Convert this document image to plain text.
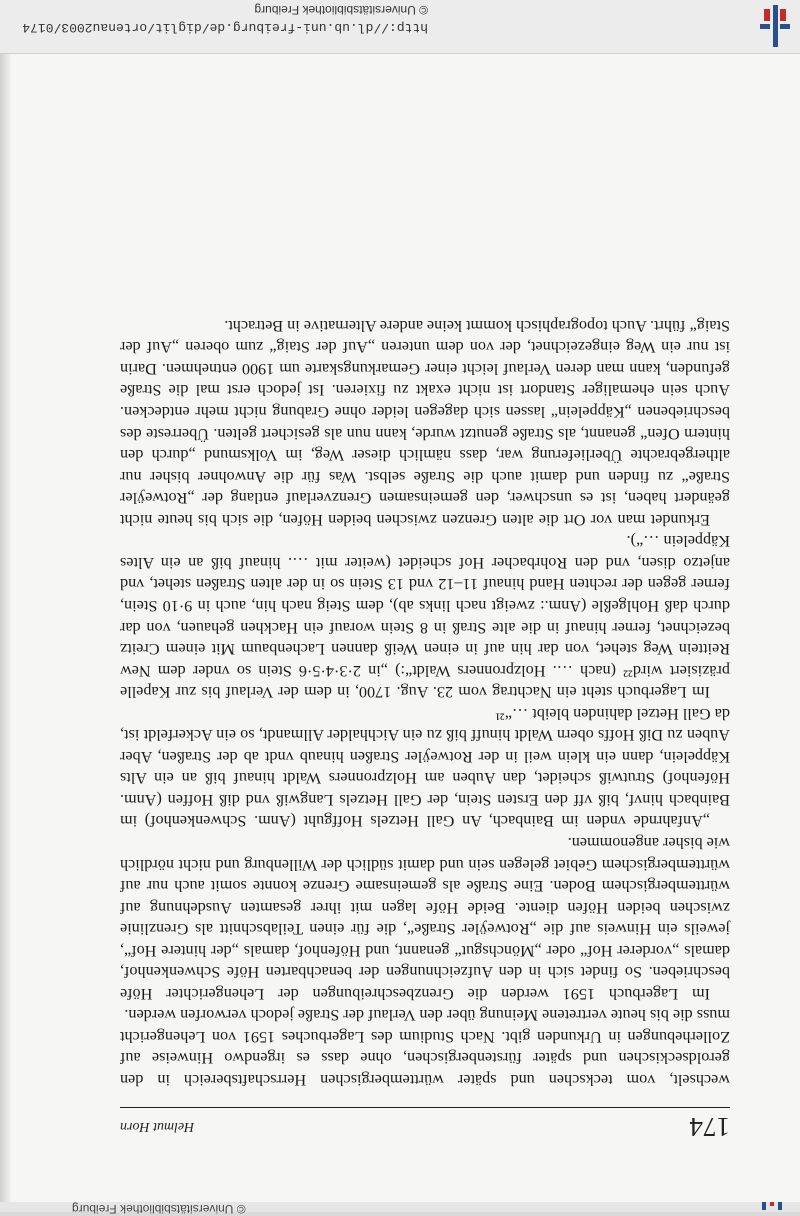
© Universitätsbibliothek Freiburg
174
Helmut Horn

wechselt, vom teckschen und später württembergischen Herrschaftsbereich in den geroldseckischen und später fürstenbergischen, ohne dass es irgendwo Hinweise auf Zollerhebungen in Urkunden gibt. Nach Studium des Lagerbuches 1591 von Lehengericht muss die bis heute vertretene Meinung über den Verlauf der Straße jedoch verworfen werden.

Im Lagerbuch 1591 werden die Grenzbeschreibungen der Lehengerichter Höfe beschrieben. So findet sich in den Aufzeichnungen der benachbarten Höfe Schwenkenhof, damals „vorderer Hof“ oder „Mönchsgut“ genannt, und Höfenhof, damals „der hintere Hof“, jeweils ein Hinweis auf die „Rotweÿler Straße“, die für einen Teilabschnitt als Grenzlinie zwischen beiden Höfen diente. Beide Höfe lagen mit ihrer gesamten Ausdehnung auf württembergischem Boden. Eine Straße als gemeinsame Grenze konnte somit auch nur auf württembergischem Gebiet gelegen sein und damit südlich der Willenburg und nicht nördlich wie bisher angenommen.

„Anfahrnde vnden im Bainbach, An Gall Hetzels Hoffguht (Anm. Schwenkenhof) im Bainbach hinvf, biß vff den Ersten Stein, der Gall Hetzels Langwiß vnd diß Hoffen (Anm. Höfenhof) Strutwiß scheidet, dan Auben am Holzpronners Waldt hinauf biß an ein Alts Käppelein, dann ein klein weil in der Rotweÿler Straßen hinaub vndt ab der Straßen, Aber Auben zu Diß Hoffs obern Waldt hinuff biß zu ein Aichhalder Allmandt, so ein Ackerfeldt ist, da Gall Hetzel dahinden bleibt …“²¹

Im Lagerbuch steht ein Nachtrag vom 23. Aug. 1700, in dem der Verlauf bis zur Kapelle präzisiert wird²² (nach …. Holzpronners Waldt“:) „in 2·3·4·5·6 Stein so vnder dem New Reittein Weg stehet, von dar hin auf in einen Weiß dannen Lachenbaum Mit einem Creitz bezeichnet, ferner hinauf in die alte Straß in 8 Stein worauf ein Hackhen gehauen, von dar durch daß Hohlgeßle (Anm.: zweigt nach links ab), dem Steig nach hin, auch in 9·10 Stein, ferner gegen der rechten Hand hinauf 11–12 vnd 13 Stein so in der alten Straßen stehet, vnd anjetzo disen, vnd den Rohrbacher Hof scheidet (weiter mit …. hinauf biß an ein Altes Käppelein …“).

Erkundet man vor Ort die alten Grenzen zwischen beiden Höfen, die sich bis heute nicht geändert haben, ist es unschwer, den gemeinsamen Grenzverlauf entlang der „Rotweÿler Straße“ zu finden und damit auch die Straße selbst. Was für die Anwohner bisher nur althergebrachte Überlieferung war, dass nämlich dieser Weg, im Volksmund „durch den hintern Ofen“ genannt, als Straße genutzt wurde, kann nun als gesichert gelten. Überreste des beschriebenen „Käppelein“ lassen sich dagegen leider ohne Grabung nicht mehr entdecken. Auch sein ehemaliger Standort ist nicht exakt zu fixieren. Ist jedoch erst mal die Straße gefunden, kann man deren Verlauf leicht einer Gemarkungskarte um 1900 entnehmen. Darin ist nur ein Weg eingezeichnet, der von dem unteren „Auf der Staig“ zum oberen „Auf der Staig“ führt. Auch topographisch kommt keine andere Alternative in Betracht.

http://dl.ub.uni-freiburg.de/diglit/ortenau2003/0174
© Universitätsbibliothek Freiburg
